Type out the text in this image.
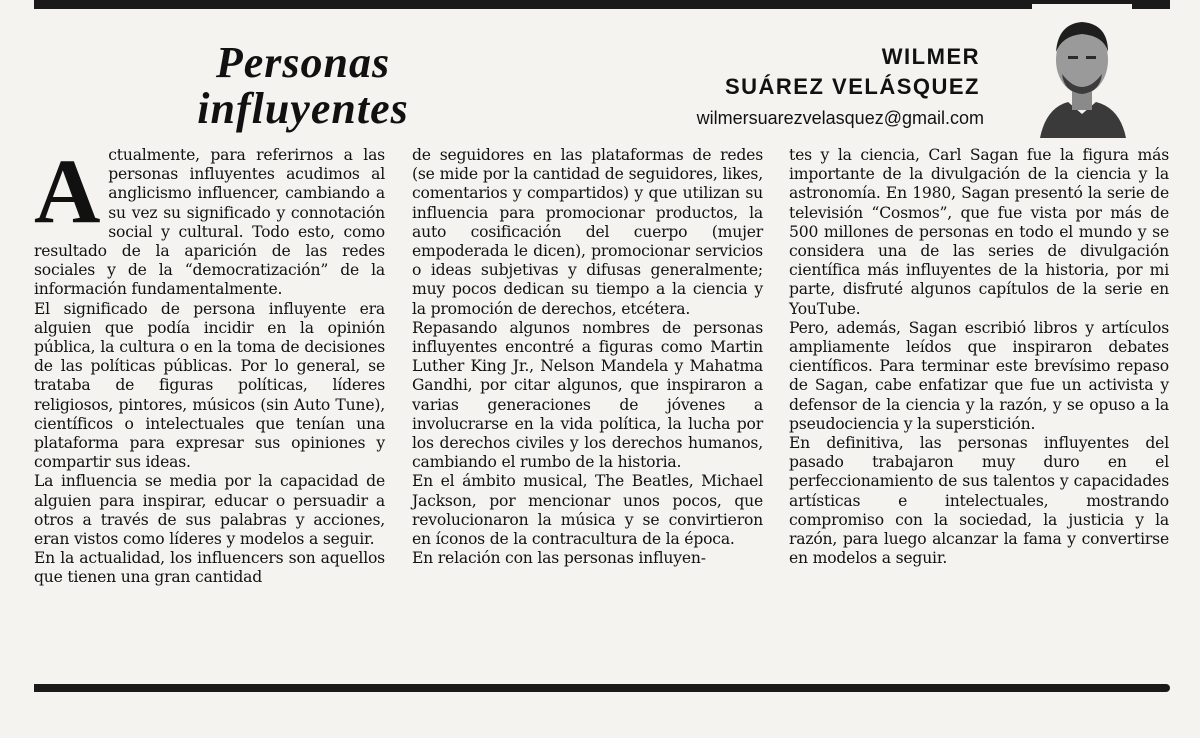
Personas
influyentes
WILMER
SUÁREZ VELÁSQUEZ
wilmersuarezvelasquez@gmail.com

Actualmente, para referirnos a las personas influyentes acudimos al anglicismo influencer, cambiando a su vez su significado y connotación social y cultural. Todo esto, como resultado de la aparición de las redes sociales y de la “democratización” de la información fundamentalmente.

El significado de persona influyente era alguien que podía incidir en la opinión pública, la cultura o en la toma de decisiones de las políticas públicas. Por lo general, se trataba de figuras políticas, líderes religiosos, pintores, músicos (sin Auto Tune), científicos o intelectuales que tenían una plataforma para expresar sus opiniones y compartir sus ideas.

La influencia se media por la capacidad de alguien para inspirar, educar o persuadir a otros a través de sus palabras y acciones, eran vistos como líderes y modelos a seguir.

En la actualidad, los influencers son aquellos que tienen una gran cantidad

de seguidores en las plataformas de redes (se mide por la cantidad de seguidores, likes, comentarios y compartidos) y que utilizan su influencia para promocionar productos, la auto cosificación del cuerpo (mujer empoderada le dicen), promocionar servicios o ideas subjetivas y difusas generalmente; muy pocos dedican su tiempo a la ciencia y la promoción de derechos, etcétera.

Repasando algunos nombres de personas influyentes encontré a figuras como Martin Luther King Jr., Nelson Mandela y Mahatma Gandhi, por citar algunos, que inspiraron a varias generaciones de jóvenes a involucrarse en la vida política, la lucha por los derechos civiles y los derechos humanos, cambiando el rumbo de la historia.

En el ámbito musical, The Beatles, Michael Jackson, por mencionar unos pocos, que revolucionaron la música y se convirtieron en íconos de la contracultura de la época.

En relación con las personas influyen-

tes y la ciencia, Carl Sagan fue la figura más importante de la divulgación de la ciencia y la astronomía. En 1980, Sagan presentó la serie de televisión “Cosmos”, que fue vista por más de 500 millones de personas en todo el mundo y se considera una de las series de divulgación científica más influyentes de la historia, por mi parte, disfruté algunos capítulos de la serie en YouTube.

Pero, además, Sagan escribió libros y artículos ampliamente leídos que inspiraron debates científicos. Para terminar este brevísimo repaso de Sagan, cabe enfatizar que fue un activista y defensor de la ciencia y la razón, y se opuso a la pseudociencia y la superstición.

En definitiva, las personas influyentes del pasado trabajaron muy duro en el perfeccionamiento de sus talentos y capacidades artísticas e intelectuales, mostrando compromiso con la sociedad, la justicia y la razón, para luego alcanzar la fama y convertirse en modelos a seguir.
